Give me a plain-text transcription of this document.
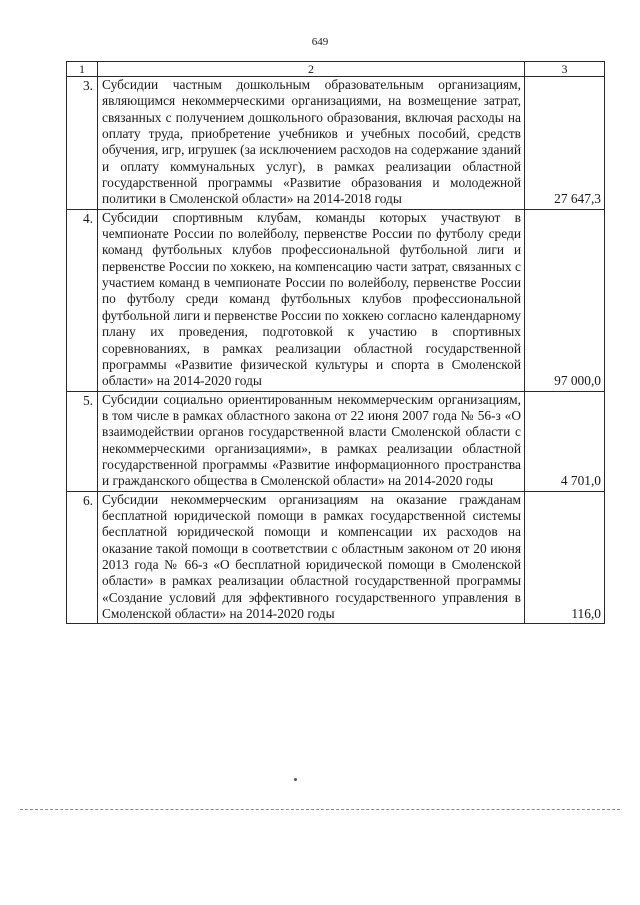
649
1	2	3
3.	Субсидии частным дошкольным образовательным организациям, являющимся некоммерческими организациями, на возмещение затрат, связанных с получением дошкольного образования, включая расходы на оплату труда, приобретение учебников и учебных пособий, средств обучения, игр, игрушек (за исключением расходов на содержание зданий и оплату коммунальных услуг), в рамках реализации областной государственной программы «Развитие образования и молодежной политики в Смоленской области» на 2014-2018 годы	27 647,3
4.	Субсидии спортивным клубам, команды которых участвуют в чемпионате России по волейболу, первенстве России по футболу среди команд футбольных клубов профессиональной футбольной лиги и первенстве России по хоккею, на компенсацию части затрат, связанных с участием команд в чемпионате России по волейболу, первенстве России по футболу среди команд футбольных клубов профессиональной футбольной лиги и первенстве России по хоккею согласно календарному плану их проведения, подготовкой к участию в спортивных соревнованиях, в рамках реализации областной государственной программы «Развитие физической культуры и спорта в Смоленской области» на 2014-2020 годы	97 000,0
5.	Субсидии социально ориентированным некоммерческим организациям, в том числе в рамках областного закона от 22 июня 2007 года № 56-з «О взаимодействии органов государственной власти Смоленской области с некоммерческими организациями», в рамках реализации областной государственной программы «Развитие информационного пространства и гражданского общества в Смоленской области» на 2014-2020 годы	4 701,0
6.	Субсидии некоммерческим организациям на оказание гражданам бесплатной юридической помощи в рамках государственной системы бесплатной юридической помощи и компенсации их расходов на оказание такой помощи в соответствии с областным законом от 20 июня 2013 года № 66-з «О бесплатной юридической помощи в Смоленской области» в рамках реализации областной государственной программы «Создание условий для эффективного государственного управления в Смоленской области» на 2014-2020 годы	116,0
